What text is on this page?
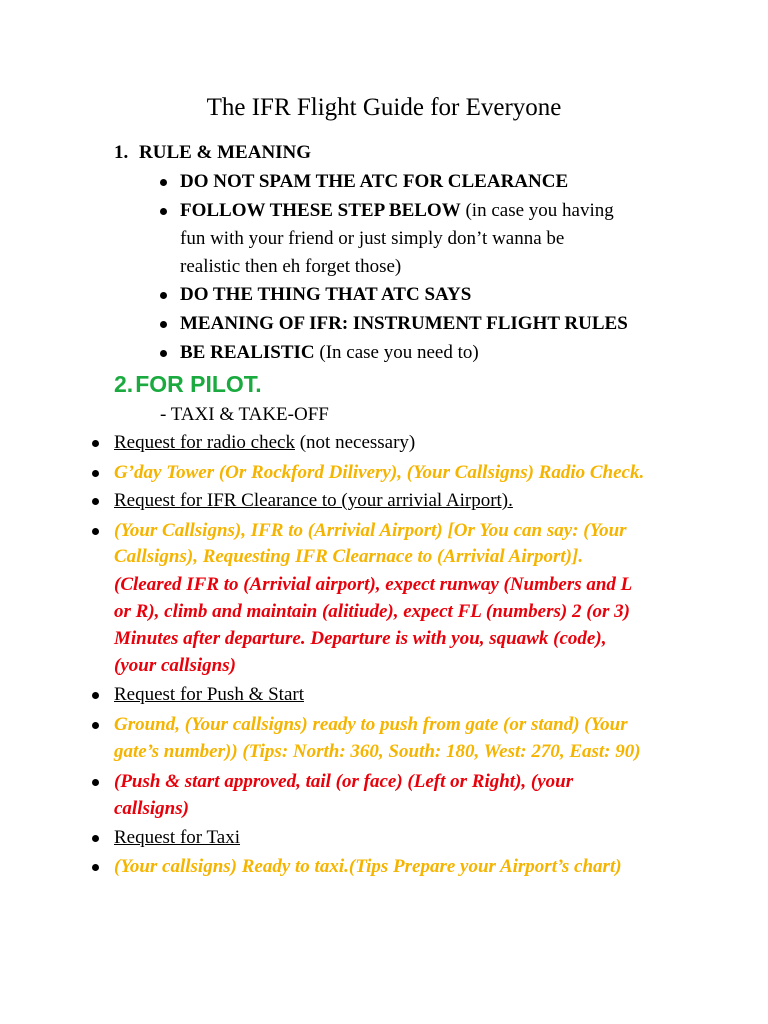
The IFR Flight Guide for Everyone
1. RULE & MEANING
DO NOT SPAM THE ATC FOR CLEARANCE
FOLLOW THESE STEP BELOW (in case you having
fun with your friend or just simply don’t wanna be
realistic then eh forget those)
DO THE THING THAT ATC SAYS
MEANING OF IFR: INSTRUMENT FLIGHT RULES
BE REALISTIC (In case you need to)
2.FOR PILOT.
- TAXI & TAKE-OFF
Request for radio check (not necessary)
G’day Tower (Or Rockford Dilivery), (Your Callsigns) Radio Check.
Request for IFR Clearance to (your arrivial Airport).
(Your Callsigns), IFR to (Arrivial Airport) [Or You can say: (Your
Callsigns), Requesting IFR Clearnace to (Arrivial Airport)].
(Cleared IFR to (Arrivial airport), expect runway (Numbers and L
or R), climb and maintain (alitiude), expect FL (numbers) 2 (or 3)
Minutes after departure. Departure is with you, squawk (code),
(your callsigns)
Request for Push & Start
Ground, (Your callsigns) ready to push from gate (or stand) (Your
gate’s number)) (Tips: North: 360, South: 180, West: 270, East: 90)
(Push & start approved, tail (or face) (Left or Right), (your
callsigns)
Request for Taxi
(Your callsigns) Ready to taxi.(Tips Prepare your Airport’s chart)
